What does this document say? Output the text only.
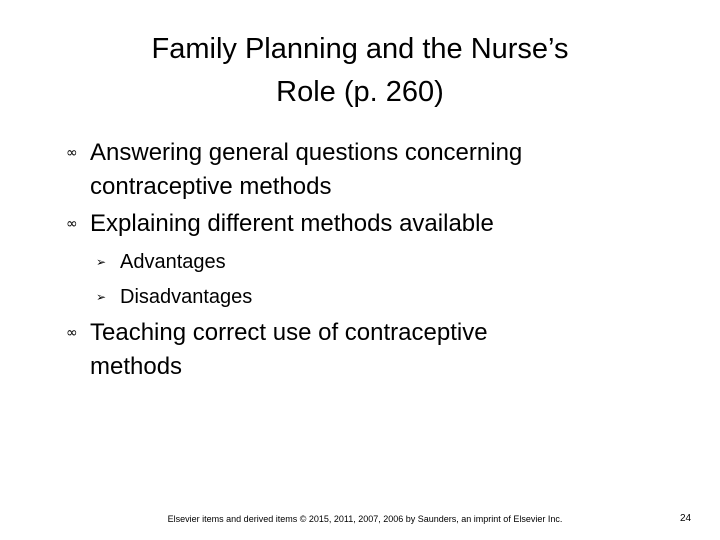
Family Planning and the Nurse’s
Role (p. 260)
∞ Answering general questions concerning
contraceptive methods
∞ Explaining different methods available
➢ Advantages
➢ Disadvantages
∞ Teaching correct use of contraceptive
methods
Elsevier items and derived items © 2015, 2011, 2007, 2006 by Saunders, an imprint of Elsevier Inc.	24
